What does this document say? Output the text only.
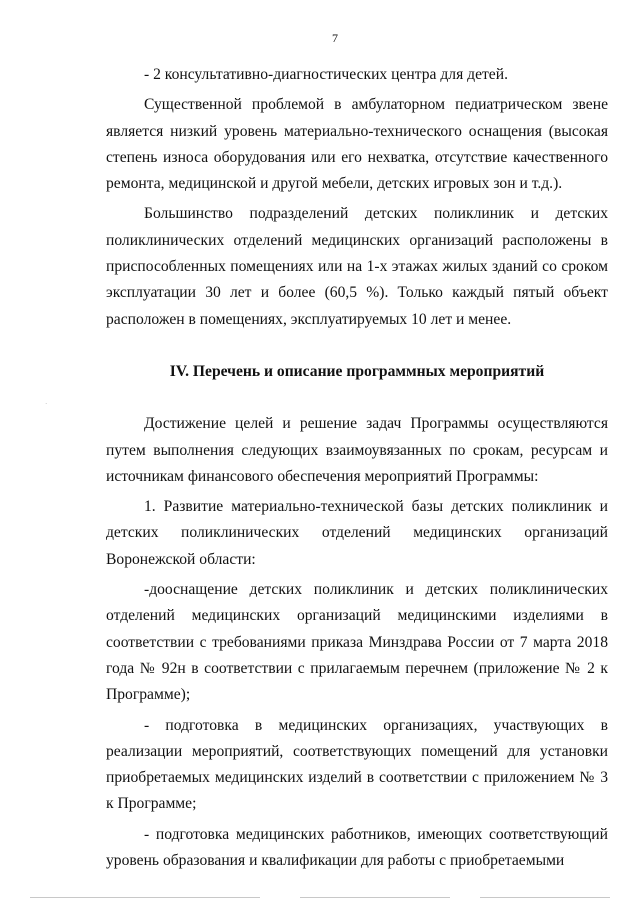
7
·

- 2 консультативно-диагностических центра для детей.

Существенной проблемой в амбулаторном педиатрическом звене является низкий уровень материально-технического оснащения (высокая степень износа оборудования или его нехватка, отсутствие качественного ремонта, медицинской и другой мебели, детских игровых зон и т.д.).

Большинство подразделений детских поликлиник и детских поликлинических отделений медицинских организаций расположены в приспособленных помещениях или на 1-х этажах жилых зданий со сроком эксплуатации 30 лет и более (60,5 %). Только каждый пятый объект расположен в помещениях, эксплуатируемых 10 лет и менее.

IV. Перечень и описание программных мероприятий

Достижение целей и решение задач Программы осуществляются путем выполнения следующих взаимоувязанных по срокам, ресурсам и источникам финансового обеспечения мероприятий Программы:

1. Развитие материально-технической базы детских поликлиник и детских поликлинических отделений медицинских организаций Воронежской области:

-дооснащение детских поликлиник и детских поликлинических отделений медицинских организаций медицинскими изделиями в соответствии с требованиями приказа Минздрава России от 7 марта 2018 года № 92н в соответствии с прилагаемым перечнем (приложение № 2 к Программе);

- подготовка в медицинских организациях, участвующих в реализации мероприятий, соответствующих помещений для установки приобретаемых медицинских изделий в соответствии с приложением № 3 к Программе;

- подготовка медицинских работников, имеющих соответствующий уровень образования и квалификации для работы с приобретаемыми
